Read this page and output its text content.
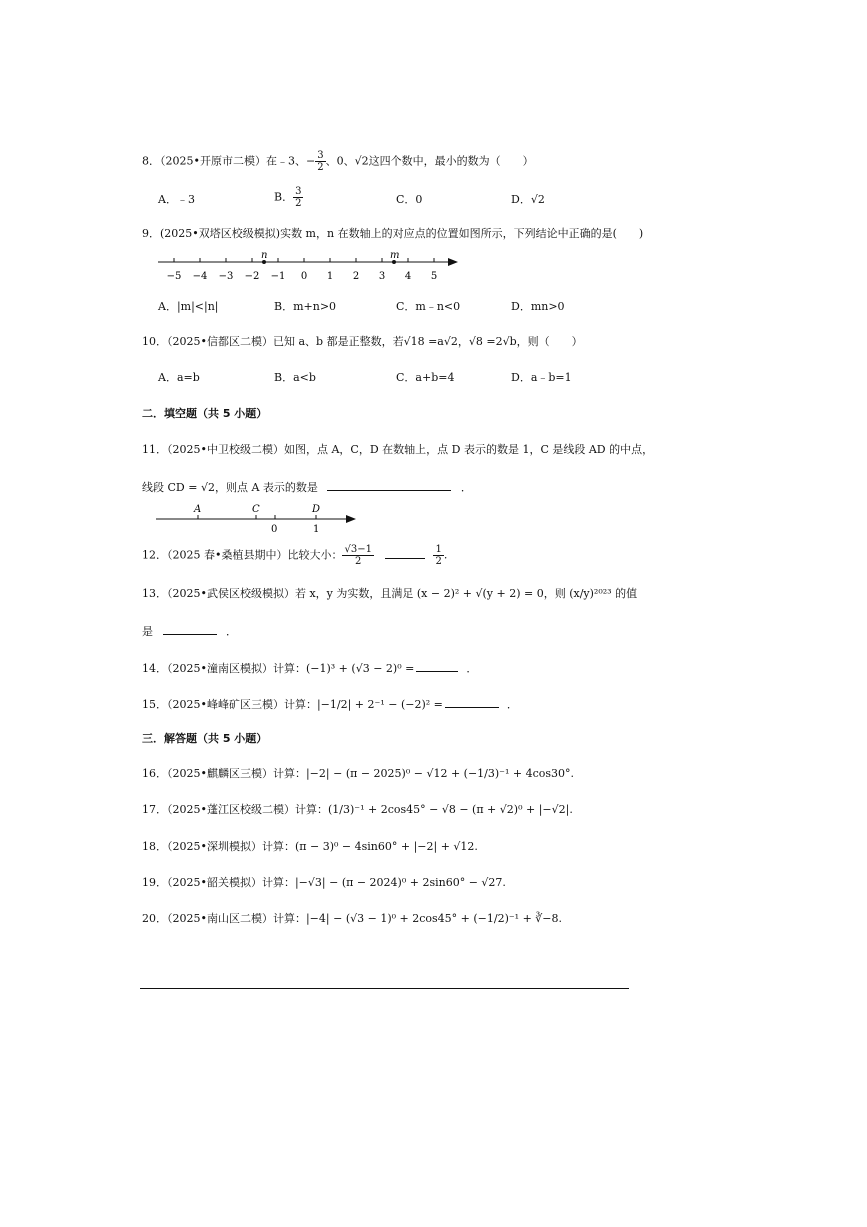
8．（2025•开原市二模）在﹣3、− $\frac{3}{2}$ 、0、√2这四个数中，最小的数为（　　）
A．﹣3	B． $\frac{3}{2}$	C．0	D．√2
9．(2025•双塔区校级模拟)实数 m，n 在数轴上的对应点的位置如图所示，下列结论中正确的是(　　)
−5 −4 −3 −2 −1 0 1 2 3 4 5
n	m
A．|m|<|n|	B．m+n>0	C．m﹣n<0	D．mn>0
10．（2025•信都区二模）已知 a、b 都是正整数，若√18 =a√2，√8 =2√b，则（　　）
A．a=b	B．a<b	C．a+b=4	D．a﹣b=1
二．填空题（共 5 小题）
11．（2025•中卫校级二模）如图，点 A，C，D 在数轴上，点 D 表示的数是 1，C 是线段 AD 的中点，
线段 CD = √2，则点 A 表示的数是	．
A	C	D
0	1
12．（2025 春•桑植县期中）比较大小： $\frac{√3-1}{2}$
	$\frac{1}{2}$ .
13．（2025•武侯区校级模拟）若 x，y 为实数，且满足 (x − 2)² + √(y + 2) = 0，则 (x/y)²⁰²³ 的值
是	．
14．（2025•潼南区模拟）计算：(−1)³ + (√3 − 2)⁰ =	．
15．（2025•峰峰矿区三模）计算：|−1/2| + 2⁻¹ − (−2)² =	．
三．解答题（共 5 小题）
16．（2025•麒麟区三模）计算：|−2| − (π − 2025)⁰ − √12 + (−1/3)⁻¹ + 4cos30°.
17．（2025•蓬江区校级二模）计算：(1/3)⁻¹ + 2cos45° − √8 − (π + √2)⁰ + |−√2|.
18．（2025•深圳模拟）计算：(π − 3)⁰ − 4sin60° + |−2| + √12.
19．（2025•韶关模拟）计算：|−√3| − (π − 2024)⁰ + 2sin60° − √27.
20．（2025•南山区二模）计算：|−4| − (√3 − 1)⁰ + 2cos45° + (−1/2)⁻¹ + ∛−8.
